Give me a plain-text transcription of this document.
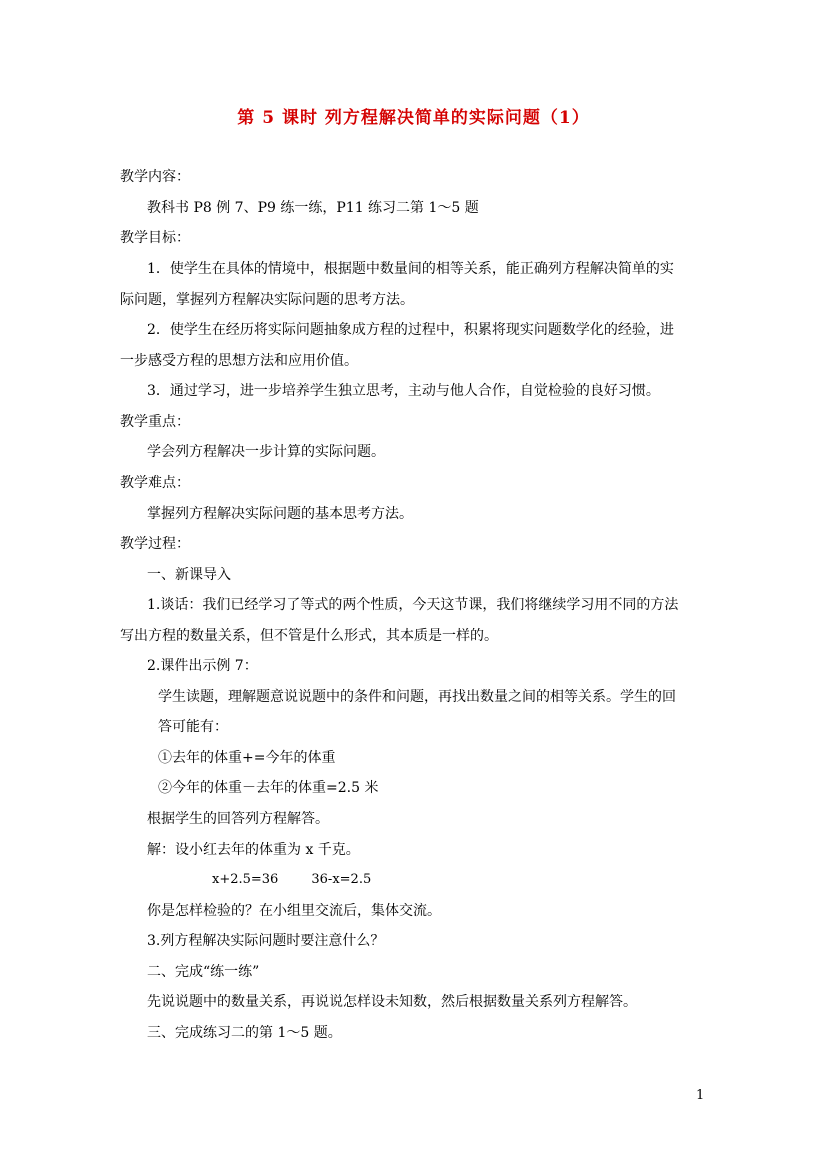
第 5 课时 列方程解决简单的实际问题（1）
教学内容：
教科书 P8 例 7、P9 练一练，P11 练习二第 1～5 题
教学目标：
1．使学生在具体的情境中，根据题中数量间的相等关系，能正确列方程解决简单的实
际问题，掌握列方程解决实际问题的思考方法。
2．使学生在经历将实际问题抽象成方程的过程中，积累将现实问题数学化的经验，进
一步感受方程的思想方法和应用价值。
3．通过学习，进一步培养学生独立思考，主动与他人合作，自觉检验的良好习惯。
教学重点：
学会列方程解决一步计算的实际问题。
教学难点：
掌握列方程解决实际问题的基本思考方法。
教学过程：
一、新课导入
1.谈话：我们已经学习了等式的两个性质，今天这节课，我们将继续学习用不同的方法
写出方程的数量关系，但不管是什么形式，其本质是一样的。
2.课件出示例 7：
学生读题，理解题意说说题中的条件和问题，再找出数量之间的相等关系。学生的回
答可能有：
①去年的体重+=今年的体重
②今年的体重－去年的体重=2.5 米
根据学生的回答列方程解答。
解：设小红去年的体重为 x 千克。
x+2.5=36        36-x=2.5
你是怎样检验的？在小组里交流后，集体交流。
3.列方程解决实际问题时要注意什么？
二、完成“练一练”
先说说题中的数量关系，再说说怎样设未知数，然后根据数量关系列方程解答。
三、完成练习二的第 1～5 题。
1
